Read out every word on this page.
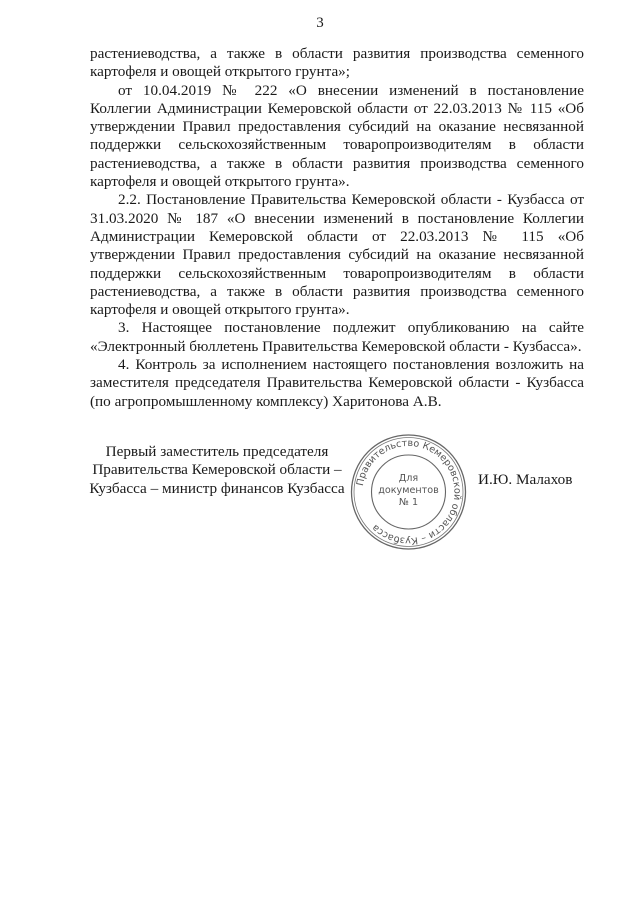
3

растениеводства, а также в области развития производства семенного картофеля и овощей открытого грунта»;

от 10.04.2019 № 222 «О внесении изменений в постановление Коллегии Администрации Кемеровской области от 22.03.2013 № 115 «Об утверждении Правил предоставления субсидий на оказание несвязанной поддержки сельскохозяйственным товаропроизводителям в области растениеводства, а также в области развития производства семенного картофеля и овощей открытого грунта».

2.2. Постановление Правительства Кемеровской области - Кузбасса от 31.03.2020 № 187 «О внесении изменений в постановление Коллегии Администрации Кемеровской области от 22.03.2013 № 115 «Об утверждении Правил предоставления субсидий на оказание несвязанной поддержки сельскохозяйственным товаропроизводителям в области растениеводства, а также в области развития производства семенного картофеля и овощей открытого грунта».

3. Настоящее постановление подлежит опубликованию на сайте «Электронный бюллетень Правительства Кемеровской области - Кузбасса».

4. Контроль за исполнением настоящего постановления возложить на заместителя председателя Правительства Кемеровской области - Кузбасса (по агропромышленному комплексу) Харитонова А.В.

Первый заместитель председателя
Правительства Кемеровской области –
Кузбасса – министр финансов Кузбасса	Правительство Кемеровской области – Кузбасса
Для
документов
№ 1
И.Ю. Малахов
